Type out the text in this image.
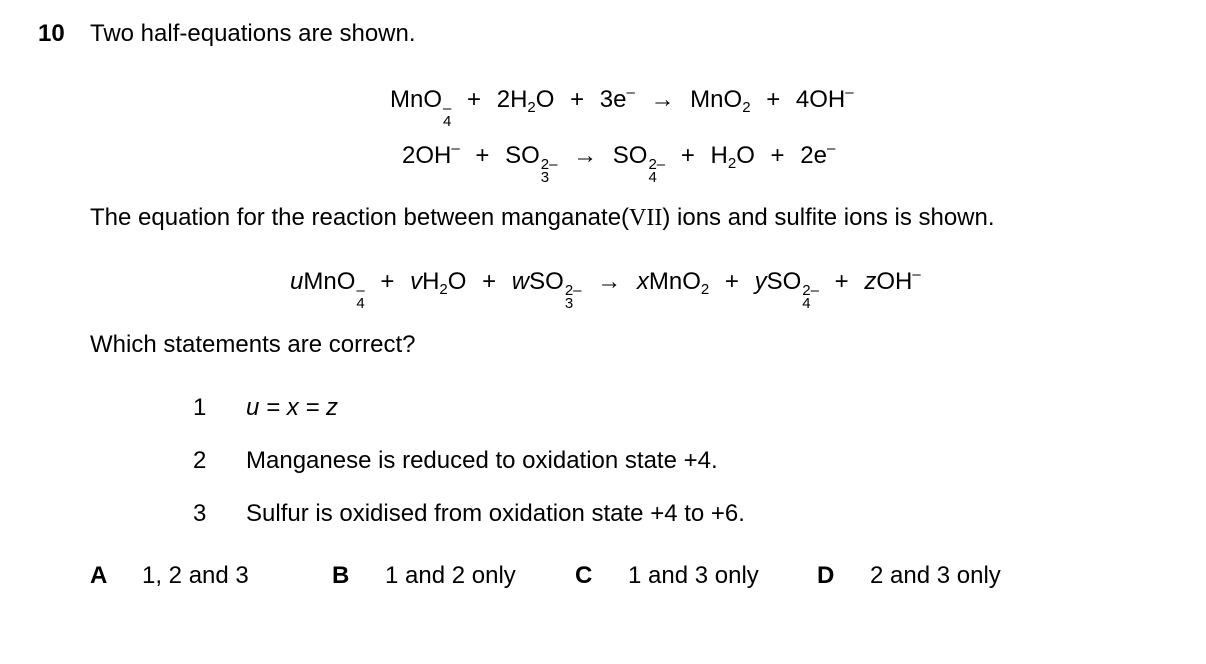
10 Two half-equations are shown.
MnO –
4
+ $2H_2O + 3e^- \to MnO_2 + 4OH^-$
2OH– + SO 2–
3
→ SO 2–
4
+ $H_2O + 2e^-$
The equation for the reaction between manganate(VII) ions and sulfite ions is shown.
uMnO –
4
+ $vH_2O$ + wSO 2–
3
→ xMnO$_2$ + ySO 2–
4
+ zOH–
Which statements are correct?
1 u = x = z
2 Manganese is reduced to oxidation state +4.
3 Sulfur is oxidised from oxidation state +4 to +6.
A 1, 2 and 3	B 1 and 2 only C 1 and 3 only D 2 and 3 only
